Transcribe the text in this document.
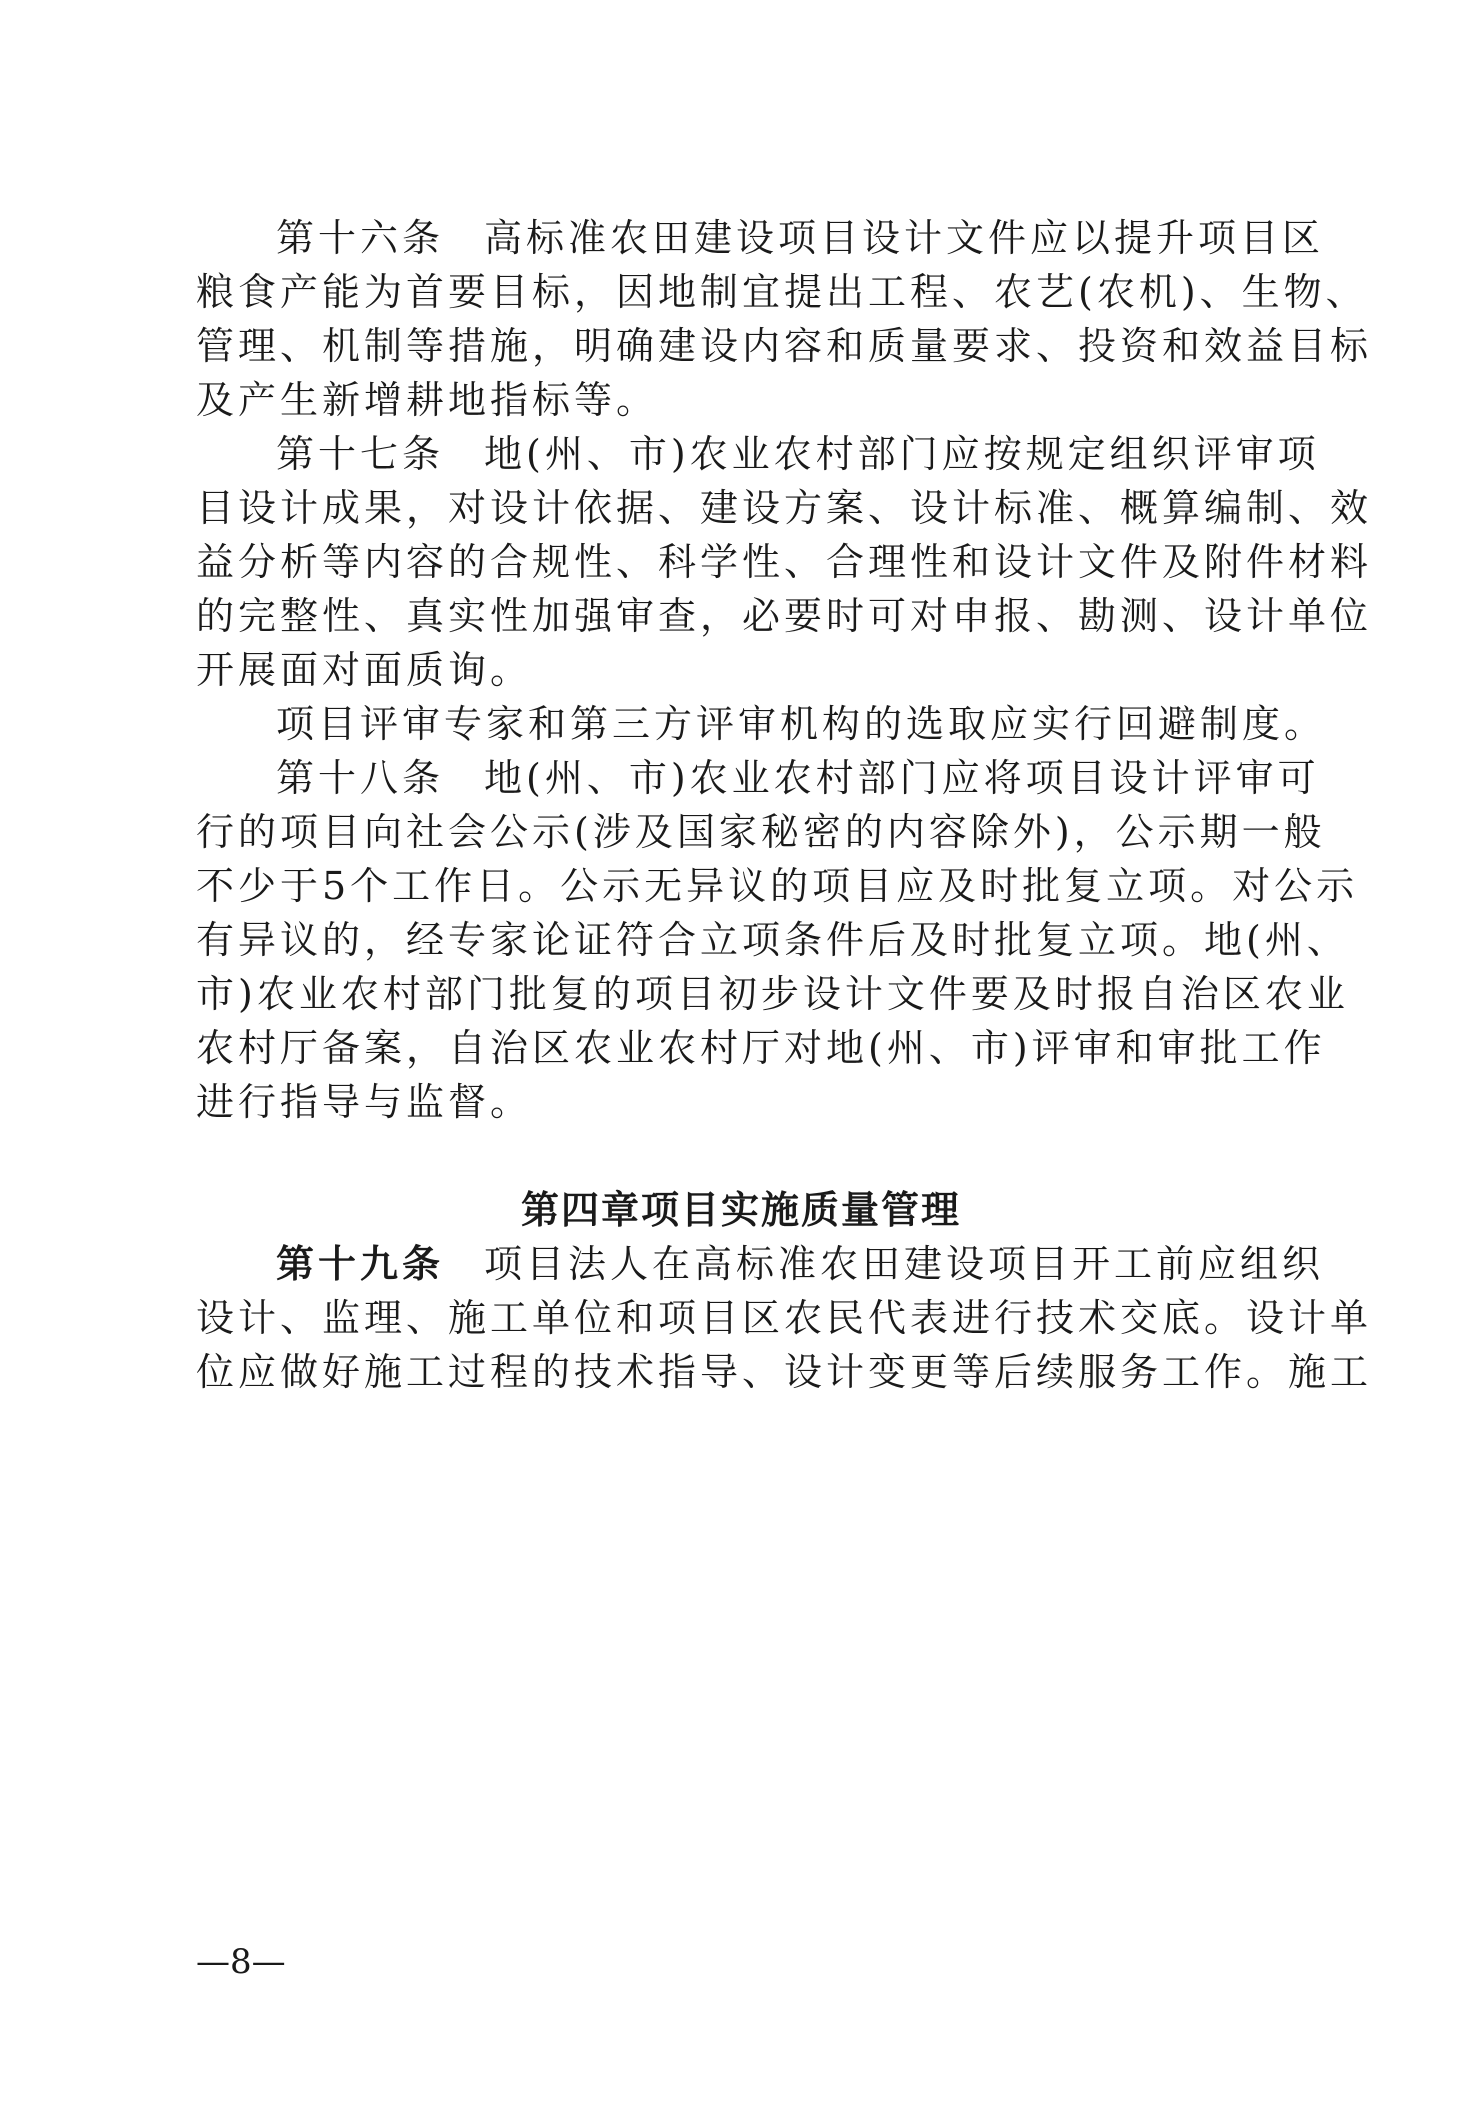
第十六条 高标准农田建设项目设计文件应以提升项目区
粮食产能为首要目标，因地制宜提出工程、农艺(农机)、生物、
管理、机制等措施，明确建设内容和质量要求、投资和效益目标
及产生新增耕地指标等。
第十七条 地(州、市)农业农村部门应按规定组织评审项
目设计成果，对设计依据、建设方案、设计标准、概算编制、效
益分析等内容的合规性、科学性、合理性和设计文件及附件材料
的完整性、真实性加强审查，必要时可对申报、勘测、设计单位
开展面对面质询。
项目评审专家和第三方评审机构的选取应实行回避制度。
第十八条 地(州、市)农业农村部门应将项目设计评审可
行的项目向社会公示(涉及国家秘密的内容除外)，公示期一般
不少于5个工作日。公示无异议的项目应及时批复立项。对公示
有异议的，经专家论证符合立项条件后及时批复立项。地(州、
市)农业农村部门批复的项目初步设计文件要及时报自治区农业
农村厅备案，自治区农业农村厅对地(州、市)评审和审批工作
进行指导与监督。
第四章项目实施质量管理
第十九条 项目法人在高标准农田建设项目开工前应组织
设计、监理、施工单位和项目区农民代表进行技术交底。设计单
位应做好施工过程的技术指导、设计变更等后续服务工作。施工
—8—
